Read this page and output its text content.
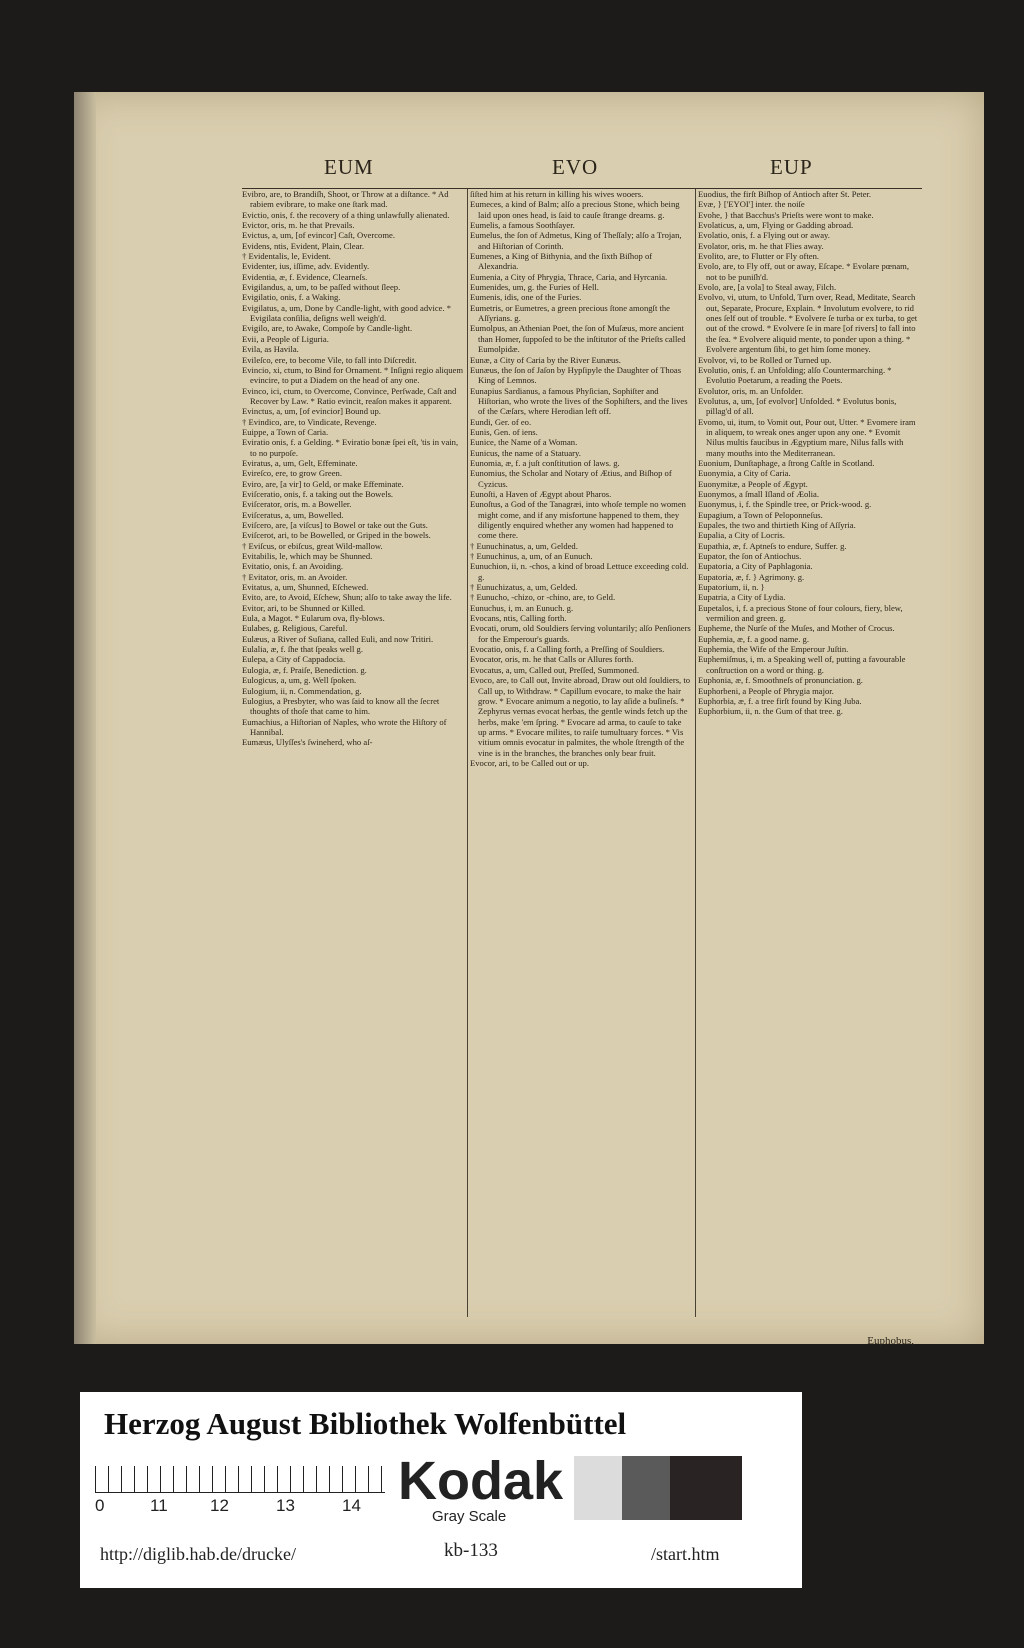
EUM	EVO	EUP

Evibro, are, to Brandiſh, Shoot, or Throw at a diſtance. * Ad rabiem evibrare, to make one ſtark mad.

Evictio, onis, f. the recovery of a thing unlawfully alienated.

Evictor, oris, m. he that Prevails.

Evictus, a, um, [of evincor] Caſt, Overcome.

Evidens, ntis, Evident, Plain, Clear.

† Evidentalis, le, Evident.

Evidenter, ius, iſſime, adv. Evidently.

Evidentia, æ, f. Evidence, Clearneſs.

Evigilandus, a, um, to be paſſed without ſleep.

Evigilatio, onis, f. a Waking.

Evigilatus, a, um, Done by Candle-light, with good advice. * Evigilata conſilia, deſigns well weigh'd.

Evigilo, are, to Awake, Compoſe by Candle-light.

Evii, a People of Liguria.

Evila, as Havila.

Evileſco, ere, to become Vile, to fall into Diſcredit.

Evincio, xi, ctum, to Bind for Ornament. * Inſigni regio aliquem evincire, to put a Diadem on the head of any one.

Evinco, ici, ctum, to Overcome, Convince, Perſwade, Caſt and Recover by Law. * Ratio evincit, reaſon makes it apparent.

Evinctus, a, um, [of evincior] Bound up.

† Evindico, are, to Vindicate, Revenge.

Euippe, a Town of Caria.

Eviratio onis, f. a Gelding. * Eviratio bonæ ſpei eſt, 'tis in vain, to no purpoſe.

Eviratus, a, um, Gelt, Effeminate.

Evireſco, ere, to grow Green.

Eviro, are, [a vir] to Geld, or make Effeminate.

Eviſceratio, onis, f. a taking out the Bowels.

Eviſcerator, oris, m. a Boweller.

Eviſceratus, a, um, Bowelled.

Eviſcero, are, [a viſcus] to Bowel or take out the Guts.

Eviſcerot, ari, to be Bowelled, or Griped in the bowels.

† Eviſcus, or ebiſcus, great Wild-mallow.

Evitabilis, le, which may be Shunned.

Evitatio, onis, f. an Avoiding.

† Evitator, oris, m. an Avoider.

Evitatus, a, um, Shunned, Eſchewed.

Evito, are, to Avoid, Eſchew, Shun; alſo to take away the life.

Evitor, ari, to be Shunned or Killed.

Eula, a Magot. * Eularum ova, fly-blows.

Eulabes, g. Religious, Careful.

Eulæus, a River of Suſiana, called Euli, and now Tritiri.

Eulalia, æ, f. ſhe that ſpeaks well g.

Eulepa, a City of Cappadocia.

Eulogia, æ, f. Praiſe, Benediction. g.

Eulogicus, a, um, g. Well ſpoken.

Eulogium, ii, n. Commendation, g.

Eulogius, a Presbyter, who was ſaid to know all the ſecret thoughts of thoſe that came to him.

Eumachius, a Hiſtorian of Naples, who wrote the Hiſtory of Hannibal.

Eumæus, Ulyſſes's ſwineherd, who aſ-

ſiſted him at his return in killing his wives wooers.

Eumeces, a kind of Balm; alſo a precious Stone, which being laid upon ones head, is ſaid to cauſe ſtrange dreams. g.

Eumelis, a famous Soothſayer.

Eumelus, the ſon of Admetus, King of Theſſaly; alſo a Trojan, and Hiſtorian of Corinth.

Eumenes, a King of Bithynia, and the ſixth Biſhop of Alexandria.

Eumenia, a City of Phrygia, Thrace, Caria, and Hyrcania.

Eumenides, um, g. the Furies of Hell.

Eumenis, idis, one of the Furies.

Eumetris, or Eumetres, a green precious ſtone amongſt the Aſſyrians. g.

Eumolpus, an Athenian Poet, the ſon of Muſæus, more ancient than Homer, ſuppoſed to be the inſtitutor of the Prieſts called Eumolpidæ.

Eunæ, a City of Caria by the River Eunæus.

Eunæus, the ſon of Jaſon by Hypſipyle the Daughter of Thoas King of Lemnos.

Eunapius Sardianus, a famous Phyſician, Sophiſter and Hiſtorian, who wrote the lives of the Sophiſters, and the lives of the Cæſars, where Herodian left off.

Eundi, Ger. of eo.

Eunis, Gen. of iens.

Eunice, the Name of a Woman.

Eunicus, the name of a Statuary.

Eunomia, æ, f. a juſt conſtitution of laws. g.

Eunomius, the Scholar and Notary of Ætius, and Biſhop of Cyzicus.

Eunoſti, a Haven of Ægypt about Pharos.

Eunoſtus, a God of the Tanagræi, into whoſe temple no women might come, and if any misfortune happened to them, they diligently enquired whether any women had happened to come there.

† Eunuchinatus, a, um, Gelded.

† Eunuchinus, a, um, of an Eunuch.

Eunuchion, ii, n. -chos, a kind of broad Lettuce exceeding cold. g.

† Eunuchizatus, a, um, Gelded.

† Eunucho, -chizo, or -chino, are, to Geld.

Eunuchus, i, m. an Eunuch. g.

Evocans, ntis, Calling forth.

Evocati, orum, old Souldiers ſerving voluntarily; alſo Penſioners for the Emperour's guards.

Evocatio, onis, f. a Calling forth, a Preſſing of Souldiers.

Evocator, oris, m. he that Calls or Allures forth.

Evocatus, a, um, Called out, Preſſed, Summoned.

Evoco, are, to Call out, Invite abroad, Draw out old ſouldiers, to Call up, to Withdraw. * Capillum evocare, to make the hair grow. * Evocare animum a negotio, to lay aſide a buſineſs. * Zephyrus vernas evocat herbas, the gentle winds fetch up the herbs, make 'em ſpring. * Evocare ad arma, to cauſe to take up arms. * Evocare milites, to raiſe tumultuary forces. * Vis vitium omnis evocatur in palmites, the whole ſtrength of the vine is in the branches, the branches only bear fruit.

Evocor, ari, to be Called out or up.

Euodius, the firſt Biſhop of Antioch after St. Peter.

Evæ, } ['EYOI'] inter. the noiſe

Evohe, } that Bacchus's Prieſts were wont to make.

Evolaticus, a, um, Flying or Gadding abroad.

Evolatio, onis, f. a Flying out or away.

Evolator, oris, m. he that Flies away.

Evolito, are, to Flutter or Fly often.

Evolo, are, to Fly off, out or away, Eſcape. * Evolare pœnam, not to be puniſh'd.

Evolo, are, [a vola] to Steal away, Filch.

Evolvo, vi, utum, to Unfold, Turn over, Read, Meditate, Search out, Separate, Procure, Explain. * Involutum evolvere, to rid ones ſelf out of trouble. * Evolvere ſe turba or ex turba, to get out of the crowd. * Evolvere ſe in mare [of rivers] to fall into the ſea. * Evolvere aliquid mente, to ponder upon a thing. * Evolvere argentum ſibi, to get him ſome money.

Evolvor, vi, to be Rolled or Turned up.

Evolutio, onis, f. an Unfolding; alſo Countermarching. * Evolutio Poetarum, a reading the Poets.

Evolutor, oris, m. an Unfolder.

Evolutus, a, um, [of evolvor] Unfolded. * Evolutus bonis, pillag'd of all.

Evomo, ui, itum, to Vomit out, Pour out, Utter. * Evomere iram in aliquem, to wreak ones anger upon any one. * Evomit Nilus multis faucibus in Ægyptium mare, Nilus falls with many mouths into the Mediterranean.

Euonium, Dunſtaphage, a ſtrong Caſtle in Scotland.

Euonymia, a City of Caria.

Euonymitæ, a People of Ægypt.

Euonymos, a ſmall Iſland of Æolia.

Euonymus, i, f. the Spindle tree, or Prick-wood. g.

Eupagium, a Town of Peloponneſus.

Eupales, the two and thirtieth King of Aſſyria.

Eupalia, a City of Locris.

Eupathia, æ, f. Aptneſs to endure, Suffer. g.

Eupator, the ſon of Antiochus.

Eupatoria, a City of Paphlagonia.

Eupatoria, æ, f. } Agrimony. g.

Eupatorium, ii, n. }

Eupatria, a City of Lydia.

Eupetalos, i, f. a precious Stone of four colours, fiery, blew, vermilion and green. g.

Eupheme, the Nurſe of the Muſes, and Mother of Crocus.

Euphemia, æ, f. a good name. g.

Euphemia, the Wife of the Emperour Juſtin.

Euphemiſmus, i, m. a Speaking well of, putting a favourable conſtruction on a word or thing. g.

Euphonia, æ, f. Smoothneſs of pronunciation. g.

Euphorbeni, a People of Phrygia major.

Euphorbia, æ, f. a tree firſt found by King Juba.

Euphorbium, ii, n. the Gum of that tree. g.

Euphobus,
Herzog August Bibliothek Wolfenbüttel
0	11 12	13	14 Kodak
Gray Scale
http://diglib.hab.de/drucke/	kb-133	/start.htm
